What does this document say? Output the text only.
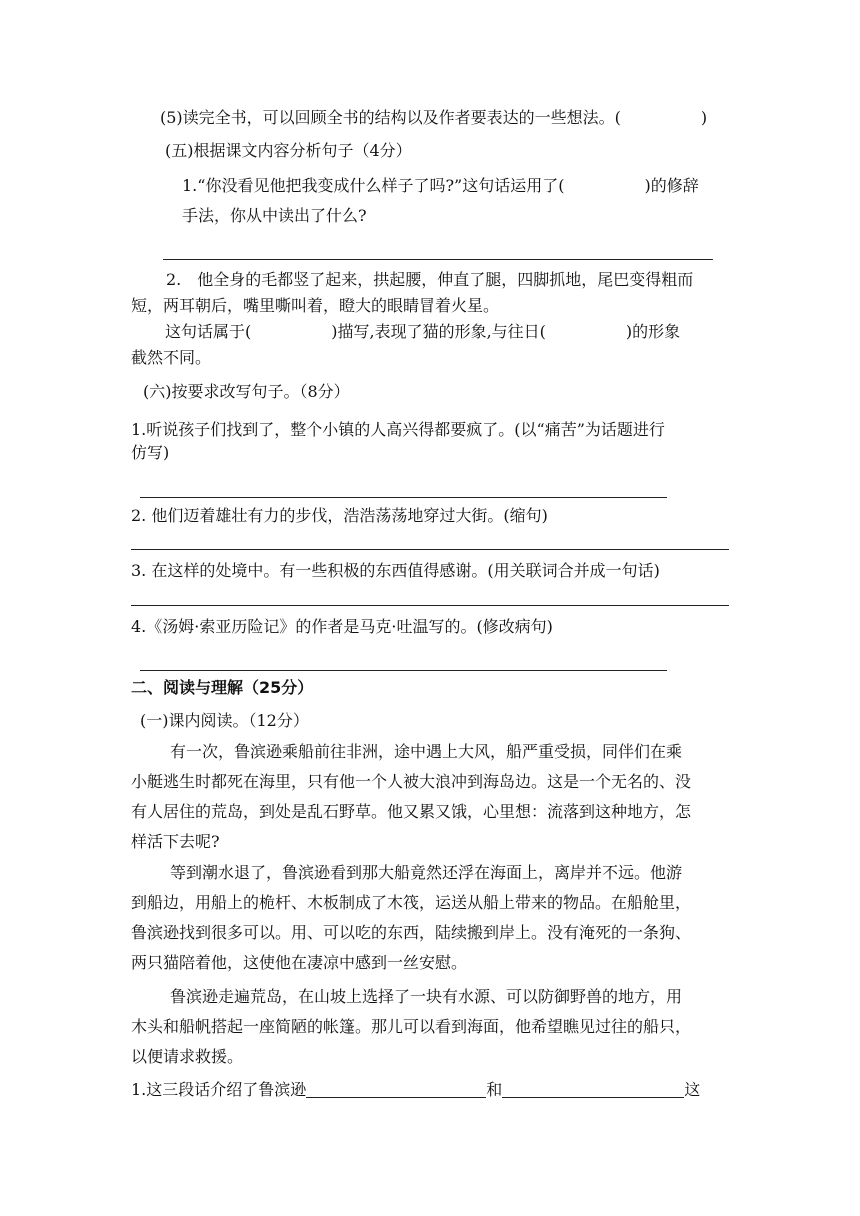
(5)读完全书，可以回顾全书的结构以及作者要表达的一些想法。(　　　　　)
(五)根据课文内容分析句子（4分）
1.“你没看见他把我变成什么样子了吗?”这句话运用了(　　　　　)的修辞
手法，你从中读出了什么?
2.　他全身的毛都竖了起来，拱起腰，伸直了腿，四脚抓地，尾巴变得粗而
短，两耳朝后，嘴里嘶叫着，瞪大的眼睛冒着火星。
这句话属于(　　　　　)描写,表现了猫的形象,与往日(　　　　　)的形象
截然不同。
(六)按要求改写句子。（8分）
1.听说孩子们找到了，整个小镇的人高兴得都要疯了。(以“痛苦”为话题进行
仿写)
2. 他们迈着雄壮有力的步伐，浩浩荡荡地穿过大街。(缩句)
3. 在这样的处境中。有一些积极的东西值得感谢。(用关联词合并成一句话)
4.《汤姆·索亚历险记》的作者是马克·吐温写的。(修改病句)
二、阅读与理解（25分）
(一)课内阅读。（12分）
有一次，鲁滨逊乘船前往非洲，途中遇上大风，船严重受损，同伴们在乘
小艇逃生时都死在海里，只有他一个人被大浪冲到海岛边。这是一个无名的、没
有人居住的荒岛，到处是乱石野草。他又累又饿，心里想：流落到这种地方，怎
样活下去呢?
等到潮水退了，鲁滨逊看到那大船竟然还浮在海面上，离岸并不远。他游
到船边，用船上的桅杆、木板制成了木筏，运送从船上带来的物品。在船舱里，
鲁滨逊找到很多可以。用、可以吃的东西，陆续搬到岸上。没有淹死的一条狗、
两只猫陪着他，这使他在凄凉中感到一丝安慰。
鲁滨逊走遍荒岛，在山坡上选择了一块有水源、可以防御野兽的地方，用
木头和船帆搭起一座简陋的帐篷。那儿可以看到海面，他希望瞧见过往的船只，
以便请求救援。
1.这三段话介绍了鲁滨逊	和	这
